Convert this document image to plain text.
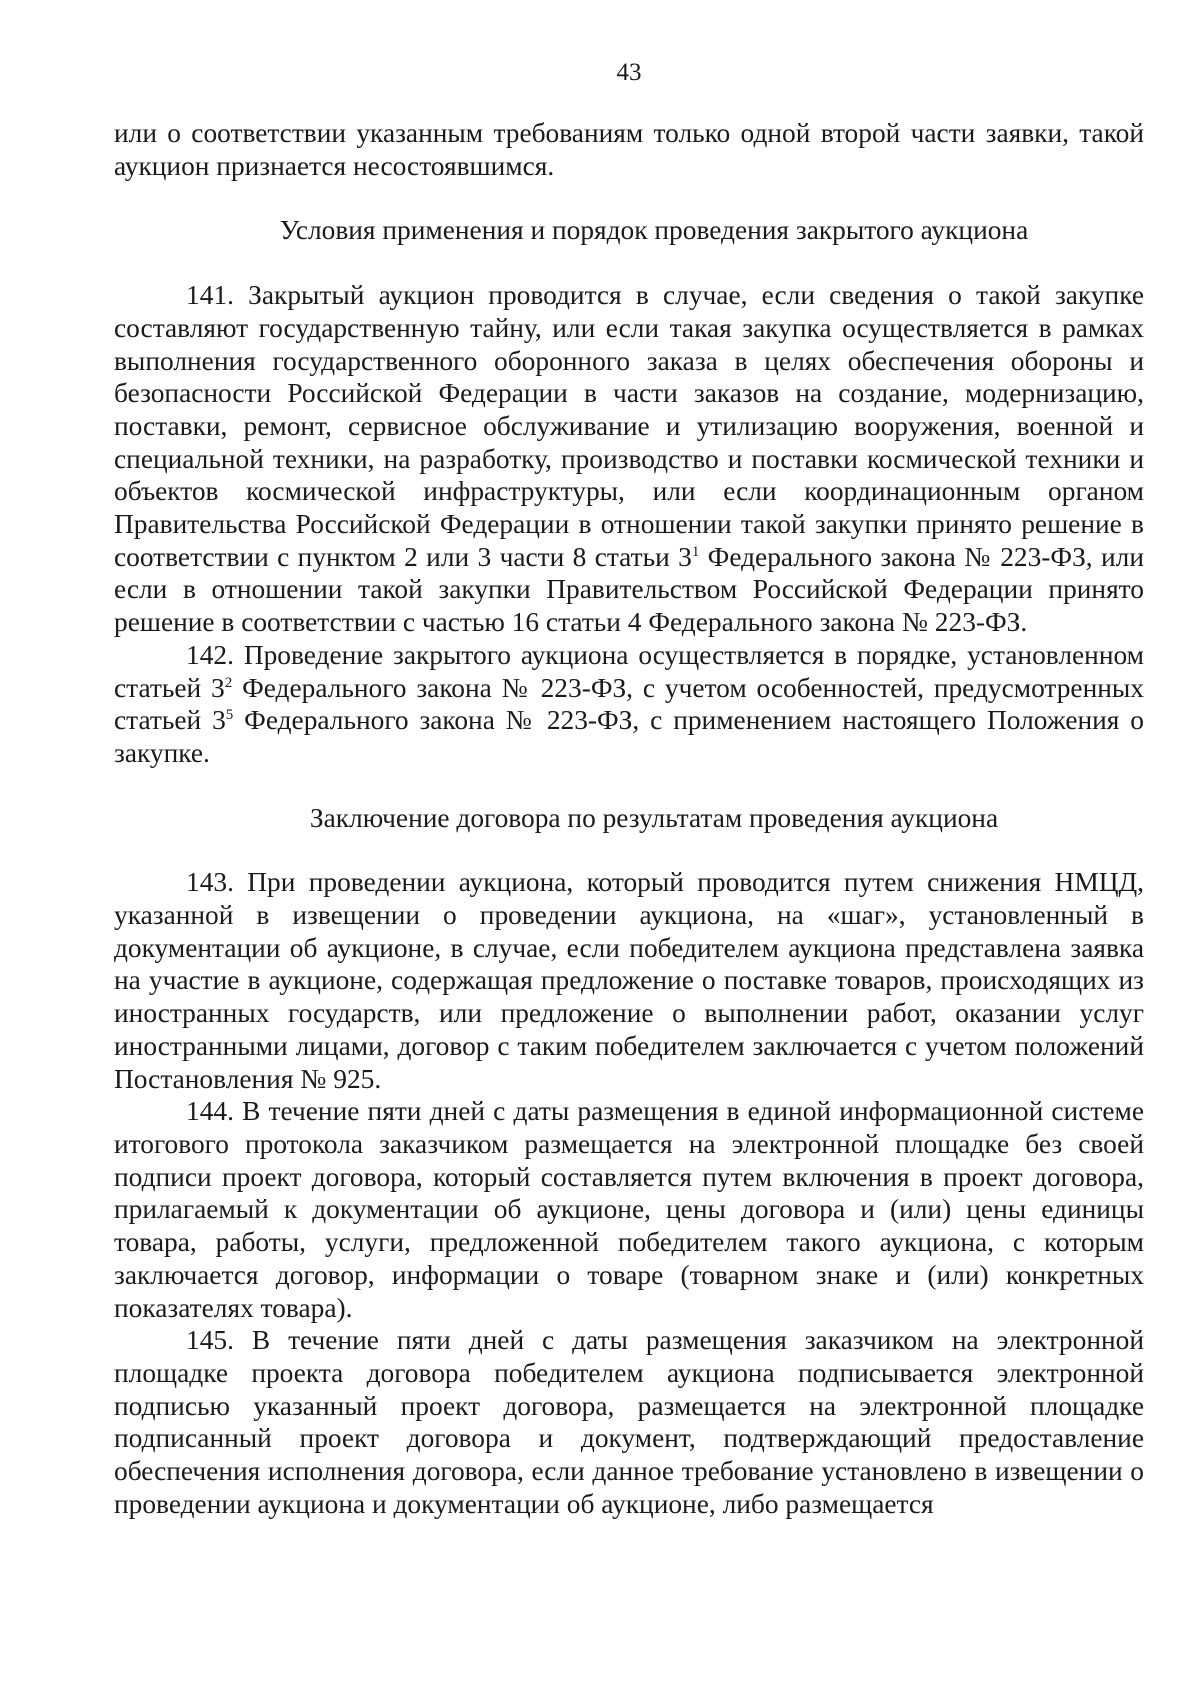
43

или о соответствии указанным требованиям только одной второй части заявки, такой аукцион признается несостоявшимся.

Условия применения и порядок проведения закрытого аукциона

141. Закрытый аукцион проводится в случае, если сведения о такой закупке составляют государственную тайну, или если такая закупка осуществляется в рамках выполнения государственного оборонного заказа в целях обеспечения обороны и безопасности Российской Федерации в части заказов на создание, модернизацию, поставки, ремонт, сервисное обслуживание и утилизацию вооружения, военной и специальной техники, на разработку, производство и поставки космической техники и объектов космической инфраструктуры, или если координационным органом Правительства Российской Федерации в отношении такой закупки принято решение в соответствии с пунктом 2 или 3 части 8 статьи $3^1$ Федерального закона № 223-ФЗ, или если в отношении такой закупки Правительством Российской Федерации принято решение в соответствии с частью 16 статьи 4 Федерального закона № 223-ФЗ.

142. Проведение закрытого аукциона осуществляется в порядке, установленном статьей $3^2$ Федерального закона № 223-ФЗ, с учетом особенностей, предусмотренных статьей $3^5$ Федерального закона № 223-ФЗ, с применением настоящего Положения о закупке.

Заключение договора по результатам проведения аукциона

143. При проведении аукциона, который проводится путем снижения НМЦД, указанной в извещении о проведении аукциона, на «шаг», установленный в документации об аукционе, в случае, если победителем аукциона представлена заявка на участие в аукционе, содержащая предложение о поставке товаров, происходящих из иностранных государств, или предложение о выполнении работ, оказании услуг иностранными лицами, договор с таким победителем заключается с учетом положений Постановления № 925.

144. В течение пяти дней с даты размещения в единой информационной системе итогового протокола заказчиком размещается на электронной площадке без своей подписи проект договора, который составляется путем включения в проект договора, прилагаемый к документации об аукционе, цены договора и (или) цены единицы товара, работы, услуги, предложенной победителем такого аукциона, с которым заключается договор, информации о товаре (товарном знаке и (или) конкретных показателях товара).

145. В течение пяти дней с даты размещения заказчиком на электронной площадке проекта договора победителем аукциона подписывается электронной подписью указанный проект договора, размещается на электронной площадке подписанный проект договора и документ, подтверждающий предоставление обеспечения исполнения договора, если данное требование установлено в извещении о проведении аукциона и документации об аукционе, либо размещается
